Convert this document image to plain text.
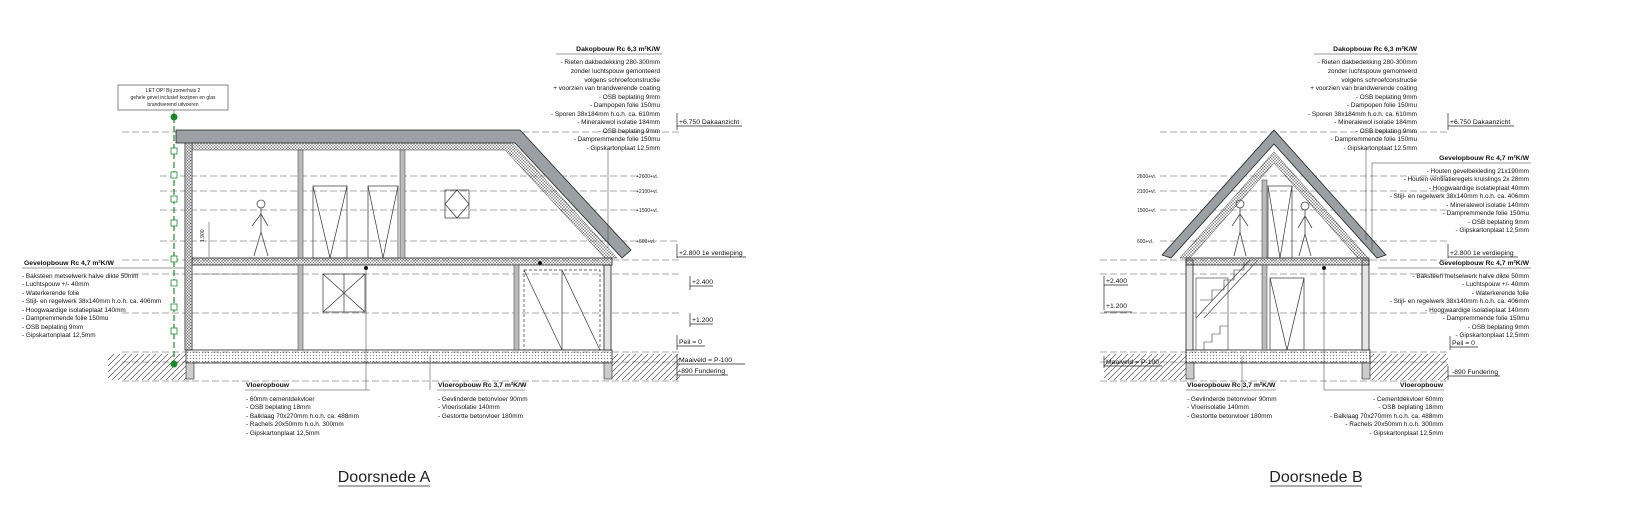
1.900
LET OP! Bij zomerhuis 2
gehele gevel inclusief kozijnen en glas
brandwerend uitvoeren
+2600+vl.
+2100+vl.
+1500+vl.
+600+vl.
+6.750 Dakaanzicht
+2.800 1e verdieping
+2.400
+1.200
Peil = 0
Maaiveld = P-100
-890 Fundering
Dakopbouw Rc 6,3 m²K/W
- Rieten dakbedekking 280-300mm
zonder luchtspouw gemonteerd
volgens schroefconstructie
+ voorzien van brandwerende coating
- OSB beplating 9mm
- Dampopen folie 150mu
- Sporen 38x184mm h.o.h. ca. 610mm
- Mineralewol isolatie 184mm
- OSB beplating 9mm
- Dampremmende folie 150mu
- Gipskartonplaat 12,5mm
Gevelopbouw Rc 4,7 m²K/W
- Baksteen metselwerk halve dikte 50mm
- Luchtspouw +/- 40mm
- Waterkerende folie
- Stijl- en regelwerk 38x140mm h.o.h. ca. 406mm
- Hoogwaardige isolatieplaat 140mm
- Dampremmende folie 150mu
- OSB beplating 9mm
- Gipskartonplaat 12,5mm
Vloeropbouw
- 60mm cementdekvloer
- OSB beplating 18mm
- Balklaag 70x270mm h.o.h. ca. 488mm
- Rachels 20x50mm h.o.h. 300mm
- Gipskartonplaat 12,5mm
Vloeropbouw Rc 3,7 m²K/W
- Gevlinderde betonvloer 90mm
- Vloerisolatie 140mm
- Gestortte betonvloer 180mm
Doorsnede A
2600+vl.
2100+vl.
1500+vl.
600+vl.
+6.750 Dakaanzicht
+2.800 1e verdieping
+2.400
+1.200
Peil = 0
Maaiveld = P-100
-890 Fundering
Dakopbouw Rc 6,3 m²K/W
- Rieten dakbedekking 280-300mm
zonder luchtspouw gemonteerd
volgens schroefconstructie
+ voorzien van brandwerende coating
- OSB beplating 9mm
- Dampopen folie 150mu
- Sporen 38x184mm h.o.h. ca. 610mm
- Mineralewol isolatie 184mm
- OSB beplating 9mm
- Dampremmende folie 150mu
- Gipskartonplaat 12,5mm
Gevelopbouw Rc 4,7 m²K/W
- Houten gevelbekleding 21x190mm
- Houten ventilatieregels kruislings 2x 28mm
- Hoogwaardige isolatieplaat 40mm
- Stijl- en regelwerk 38x140mm h.o.h. ca. 406mm
- Mineralewol isolatie 140mm
- Dampremmende folie 150mu
- OSB beplating 9mm
- Gipskartonplaat 12,5mm
Gevelopbouw Rc 4,7 m²K/W
- Baksteen metselwerk halve dikte 50mm
- Luchtspouw +/- 40mm
- Waterkerende folie
- Stijl- en regelwerk 38x140mm h.o.h. ca. 406mm
- Hoogwaardige isolatieplaat 140mm
- Dampremmende folie 150mu
- OSB beplating 9mm
- Gipskartonplaat 12,5mm
Vloeropbouw Rc 3,7 m²K/W
- Gevlinderde betonvloer 90mm
- Vloerisolatie 140mm
- Gestortte betonvloer 180mm
Vloeropbouw
- Cementdekvloer 60mm
- OSB beplating 18mm
- Balklaag 70x270mm h.o.h. ca. 488mm
- Rachels 20x50mm h.o.h. 300mm
- Gipskartonplaat 12,5mm
Doorsnede B
